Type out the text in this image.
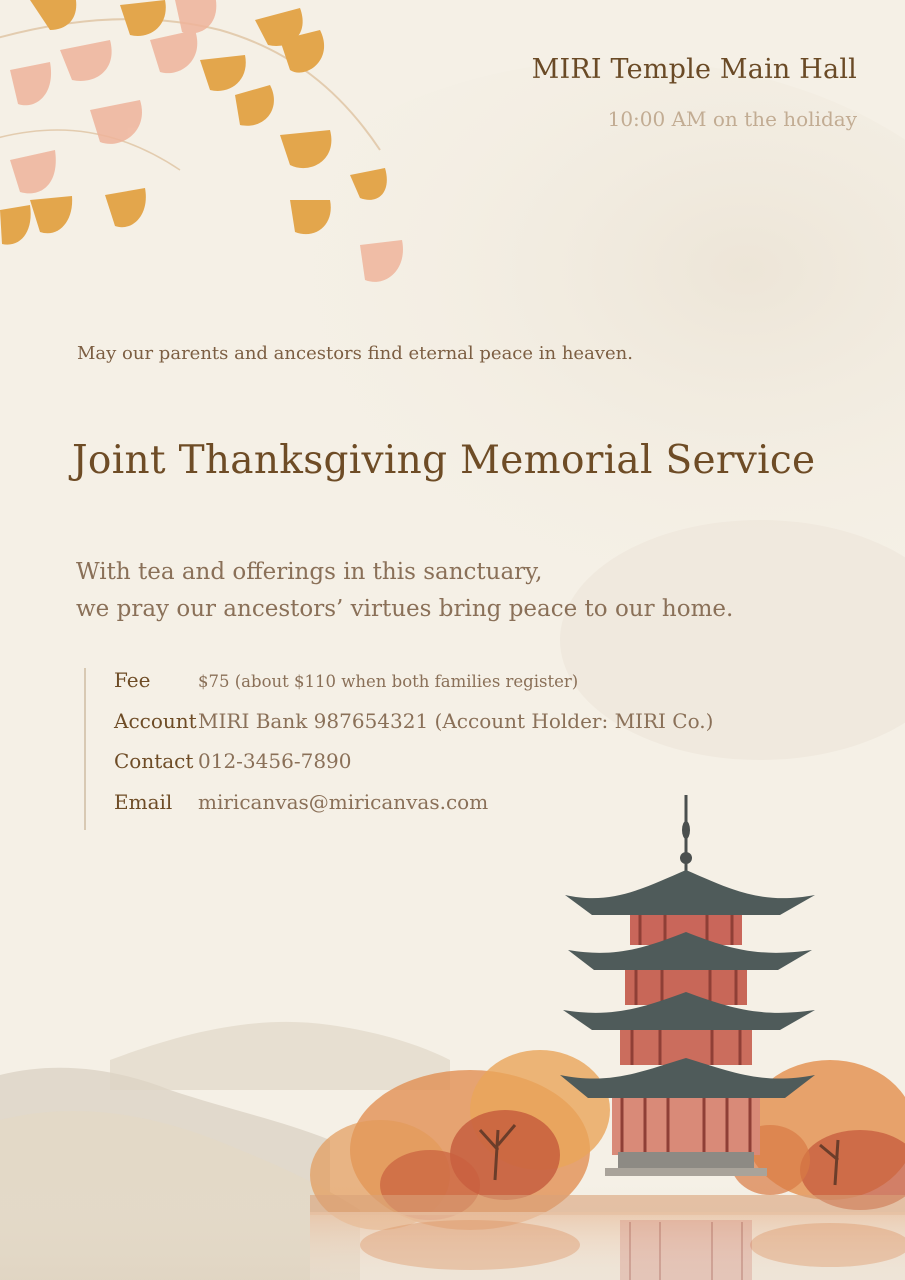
MIRI Temple Main Hall

10:00 AM on the holiday

May our parents and ancestors find eternal peace in heaven.

Joint Thanksgiving Memorial Service
With tea and offerings in this sanctuary,
we pray our ancestors’ virtues bring peace to our home.
Fee	$75 (about $110 when both families register)
Account MIRI Bank 987654321 (Account Holder: MIRI Co.)
Contact 012-3456-7890
Email	miricanvas@miricanvas.com
